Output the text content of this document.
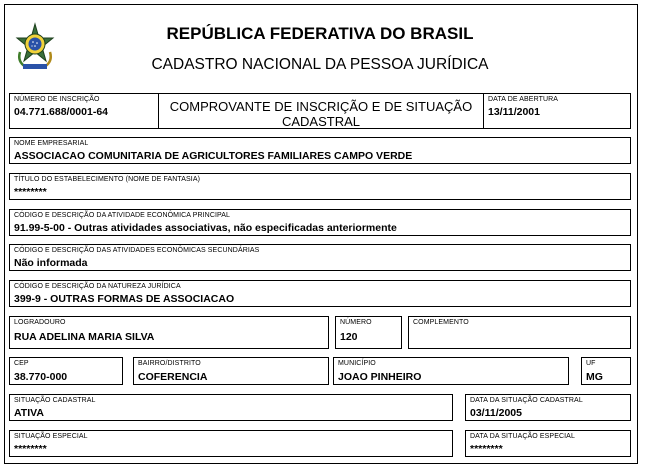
REPÚBLICA FEDERATIVA DO BRASIL
CADASTRO NACIONAL DA PESSOA JURÍDICA
NÚMERO DE INSCRIÇÃO
04.771.688/0001-64	COMPROVANTE DE INSCRIÇÃO E DE SITUAÇÃO
CADASTRAL
DATA DE ABERTURA
13/11/2001
NOME EMPRESARIAL
ASSOCIACAO COMUNITARIA DE AGRICULTORES FAMILIARES CAMPO VERDE
TÍTULO DO ESTABELECIMENTO (NOME DE FANTASIA)
********
CÓDIGO E DESCRIÇÃO DA ATIVIDADE ECONÔMICA PRINCIPAL
91.99-5-00 - Outras atividades associativas, não especificadas anteriormente
CÓDIGO E DESCRIÇÃO DAS ATIVIDADES ECONÔMICAS SECUNDÁRIAS
Não informada
CÓDIGO E DESCRIÇÃO DA NATUREZA JURÍDICA
399-9 - OUTRAS FORMAS DE ASSOCIACAO
LOGRADOURO
RUA ADELINA MARIA SILVA
NÚMERO
120
COMPLEMENTO
CEP
38.770-000
BAIRRO/DISTRITO
COFERENCIA
MUNICÍPIO
JOAO PINHEIRO
UF
MG
SITUAÇÃO CADASTRAL
ATIVA
DATA DA SITUAÇÃO CADASTRAL
03/11/2005
SITUAÇÃO ESPECIAL
********
DATA DA SITUAÇÃO ESPECIAL
********
